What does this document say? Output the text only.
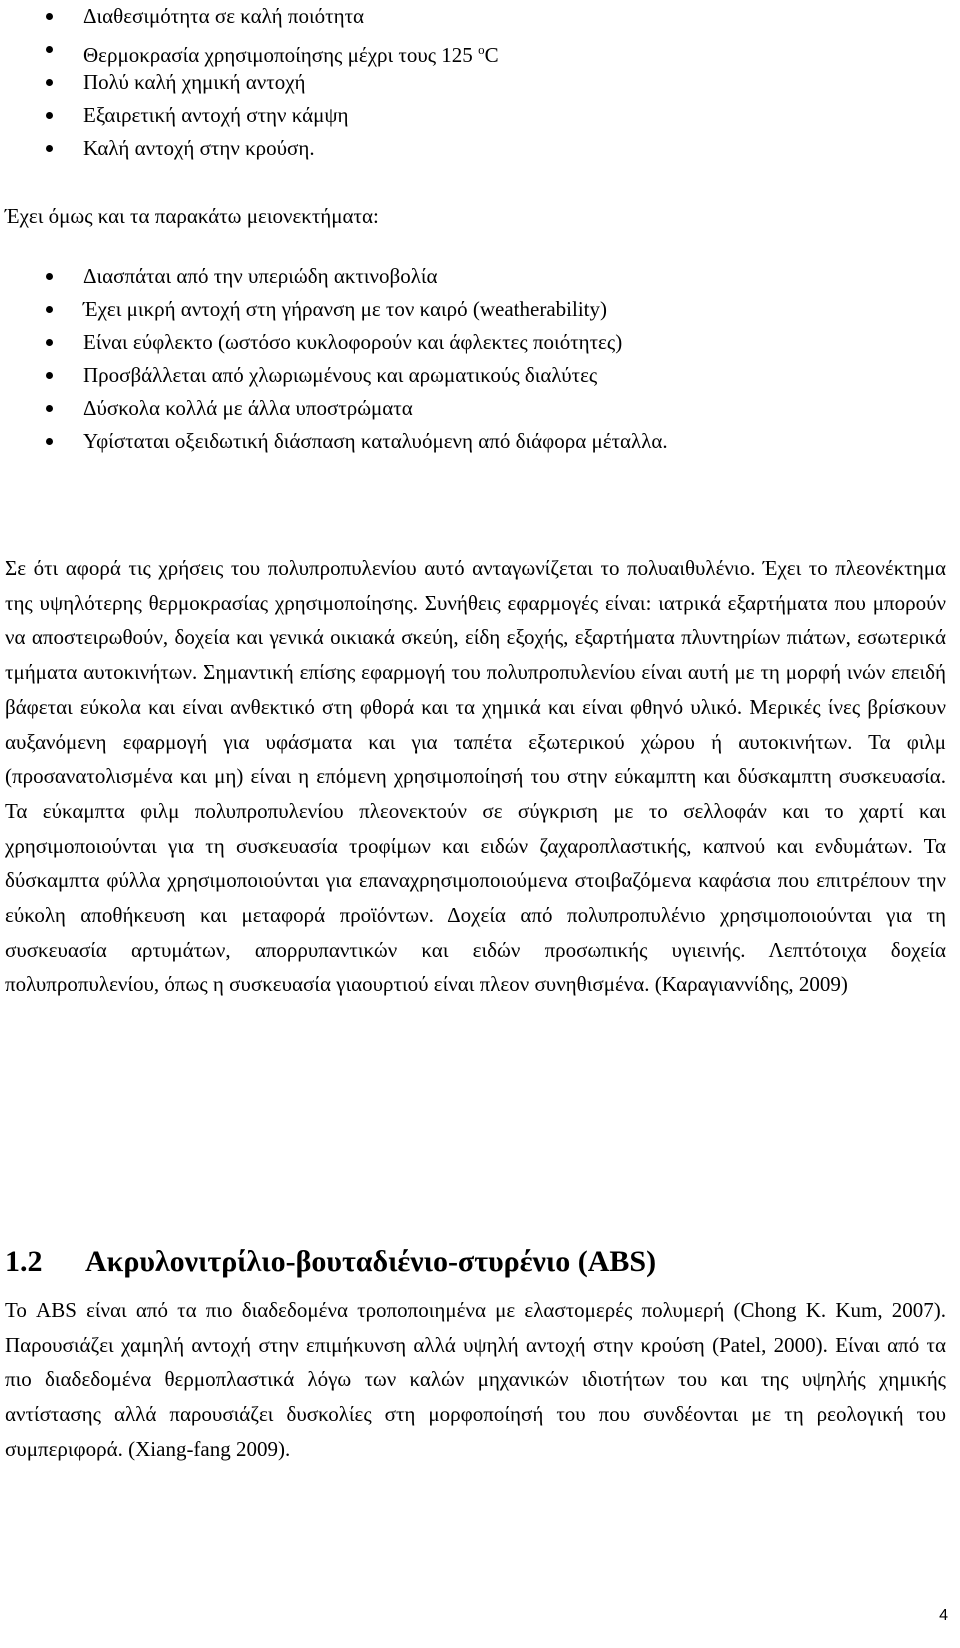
Διαθεσιμότητα σε καλή ποιότητα
Θερμοκρασία χρησιμοποίησης μέχρι τους 125 $^o$C
Πολύ καλή χημική αντοχή
Εξαιρετική αντοχή στην κάμψη
Καλή αντοχή στην κρούση.
Έχει όμως και τα παρακάτω μειονεκτήματα:
Διασπάται από την υπεριώδη ακτινοβολία
Έχει μικρή αντοχή στη γήρανση με τον καιρό (weatherability)
Είναι εύφλεκτο (ωστόσο κυκλοφορούν και άφλεκτες ποιότητες)
Προσβάλλεται από χλωριωμένους και αρωματικούς διαλύτες
Δύσκολα κολλά με άλλα υποστρώματα
Υφίσταται οξειδωτική διάσπαση καταλυόμενη από διάφορα μέταλλα.

Σε ότι αφορά τις χρήσεις του πολυπροπυλενίου αυτό ανταγωνίζεται το πολυαιθυλένιο. Έχει το πλεονέκτημα της υψηλότερης θερμοκρασίας χρησιμοποίησης. Συνήθεις εφαρμογές είναι: ιατρικά εξαρτήματα που μπορούν να αποστειρωθούν, δοχεία και γενικά οικιακά σκεύη, είδη εξοχής, εξαρτήματα πλυντηρίων πιάτων, εσωτερικά τμήματα αυτοκινήτων. Σημαντική επίσης εφαρμογή του πολυπροπυλενίου είναι αυτή με τη μορφή ινών επειδή βάφεται εύκολα και είναι ανθεκτικό στη φθορά και τα χημικά και είναι φθηνό υλικό. Μερικές ίνες βρίσκουν αυξανόμενη εφαρμογή για υφάσματα και για ταπέτα εξωτερικού χώρου ή αυτοκινήτων. Τα φιλμ (προσανατολισμένα και μη) είναι η επόμενη χρησιμοποίησή του στην εύκαμπτη και δύσκαμπτη συσκευασία. Τα εύκαμπτα φιλμ πολυπροπυλενίου πλεονεκτούν σε σύγκριση με το σελλοφάν και το χαρτί και χρησιμοποιούνται για τη συσκευασία τροφίμων και ειδών ζαχαροπλαστικής, καπνού και ενδυμάτων. Τα δύσκαμπτα φύλλα χρησιμοποιούνται για επαναχρησιμοποιούμενα στοιβαζόμενα καφάσια που επιτρέπουν την εύκολη αποθήκευση και μεταφορά προϊόντων. Δοχεία από πολυπροπυλένιο χρησιμοποιούνται για τη συσκευασία αρτυμάτων, απορρυπαντικών και ειδών προσωπικής υγιεινής. Λεπτότοιχα δοχεία πολυπροπυλενίου, όπως η συσκευασία γιαουρτιού είναι πλεον συνηθισμένα. (Καραγιαννίδης, 2009)

1.2 Ακρυλονιτρίλιο-βουταδιένιο-στυρένιο (ABS)

Το ABS είναι από τα πιο διαδεδομένα τροποποιημένα με ελαστομερές πολυμερή (Chong K. Kum, 2007). Παρουσιάζει χαμηλή αντοχή στην επιμήκυνση αλλά υψηλή αντοχή στην κρούση (Patel, 2000). Είναι από τα πιο διαδεδομένα θερμοπλαστικά λόγω των καλών μηχανικών ιδιοτήτων του και της υψηλής χημικής αντίστασης αλλά παρουσιάζει δυσκολίες στη μορφοποίησή του που συνδέονται με τη ρεολογική του συμπεριφορά. (Xiang-fang 2009).

4
